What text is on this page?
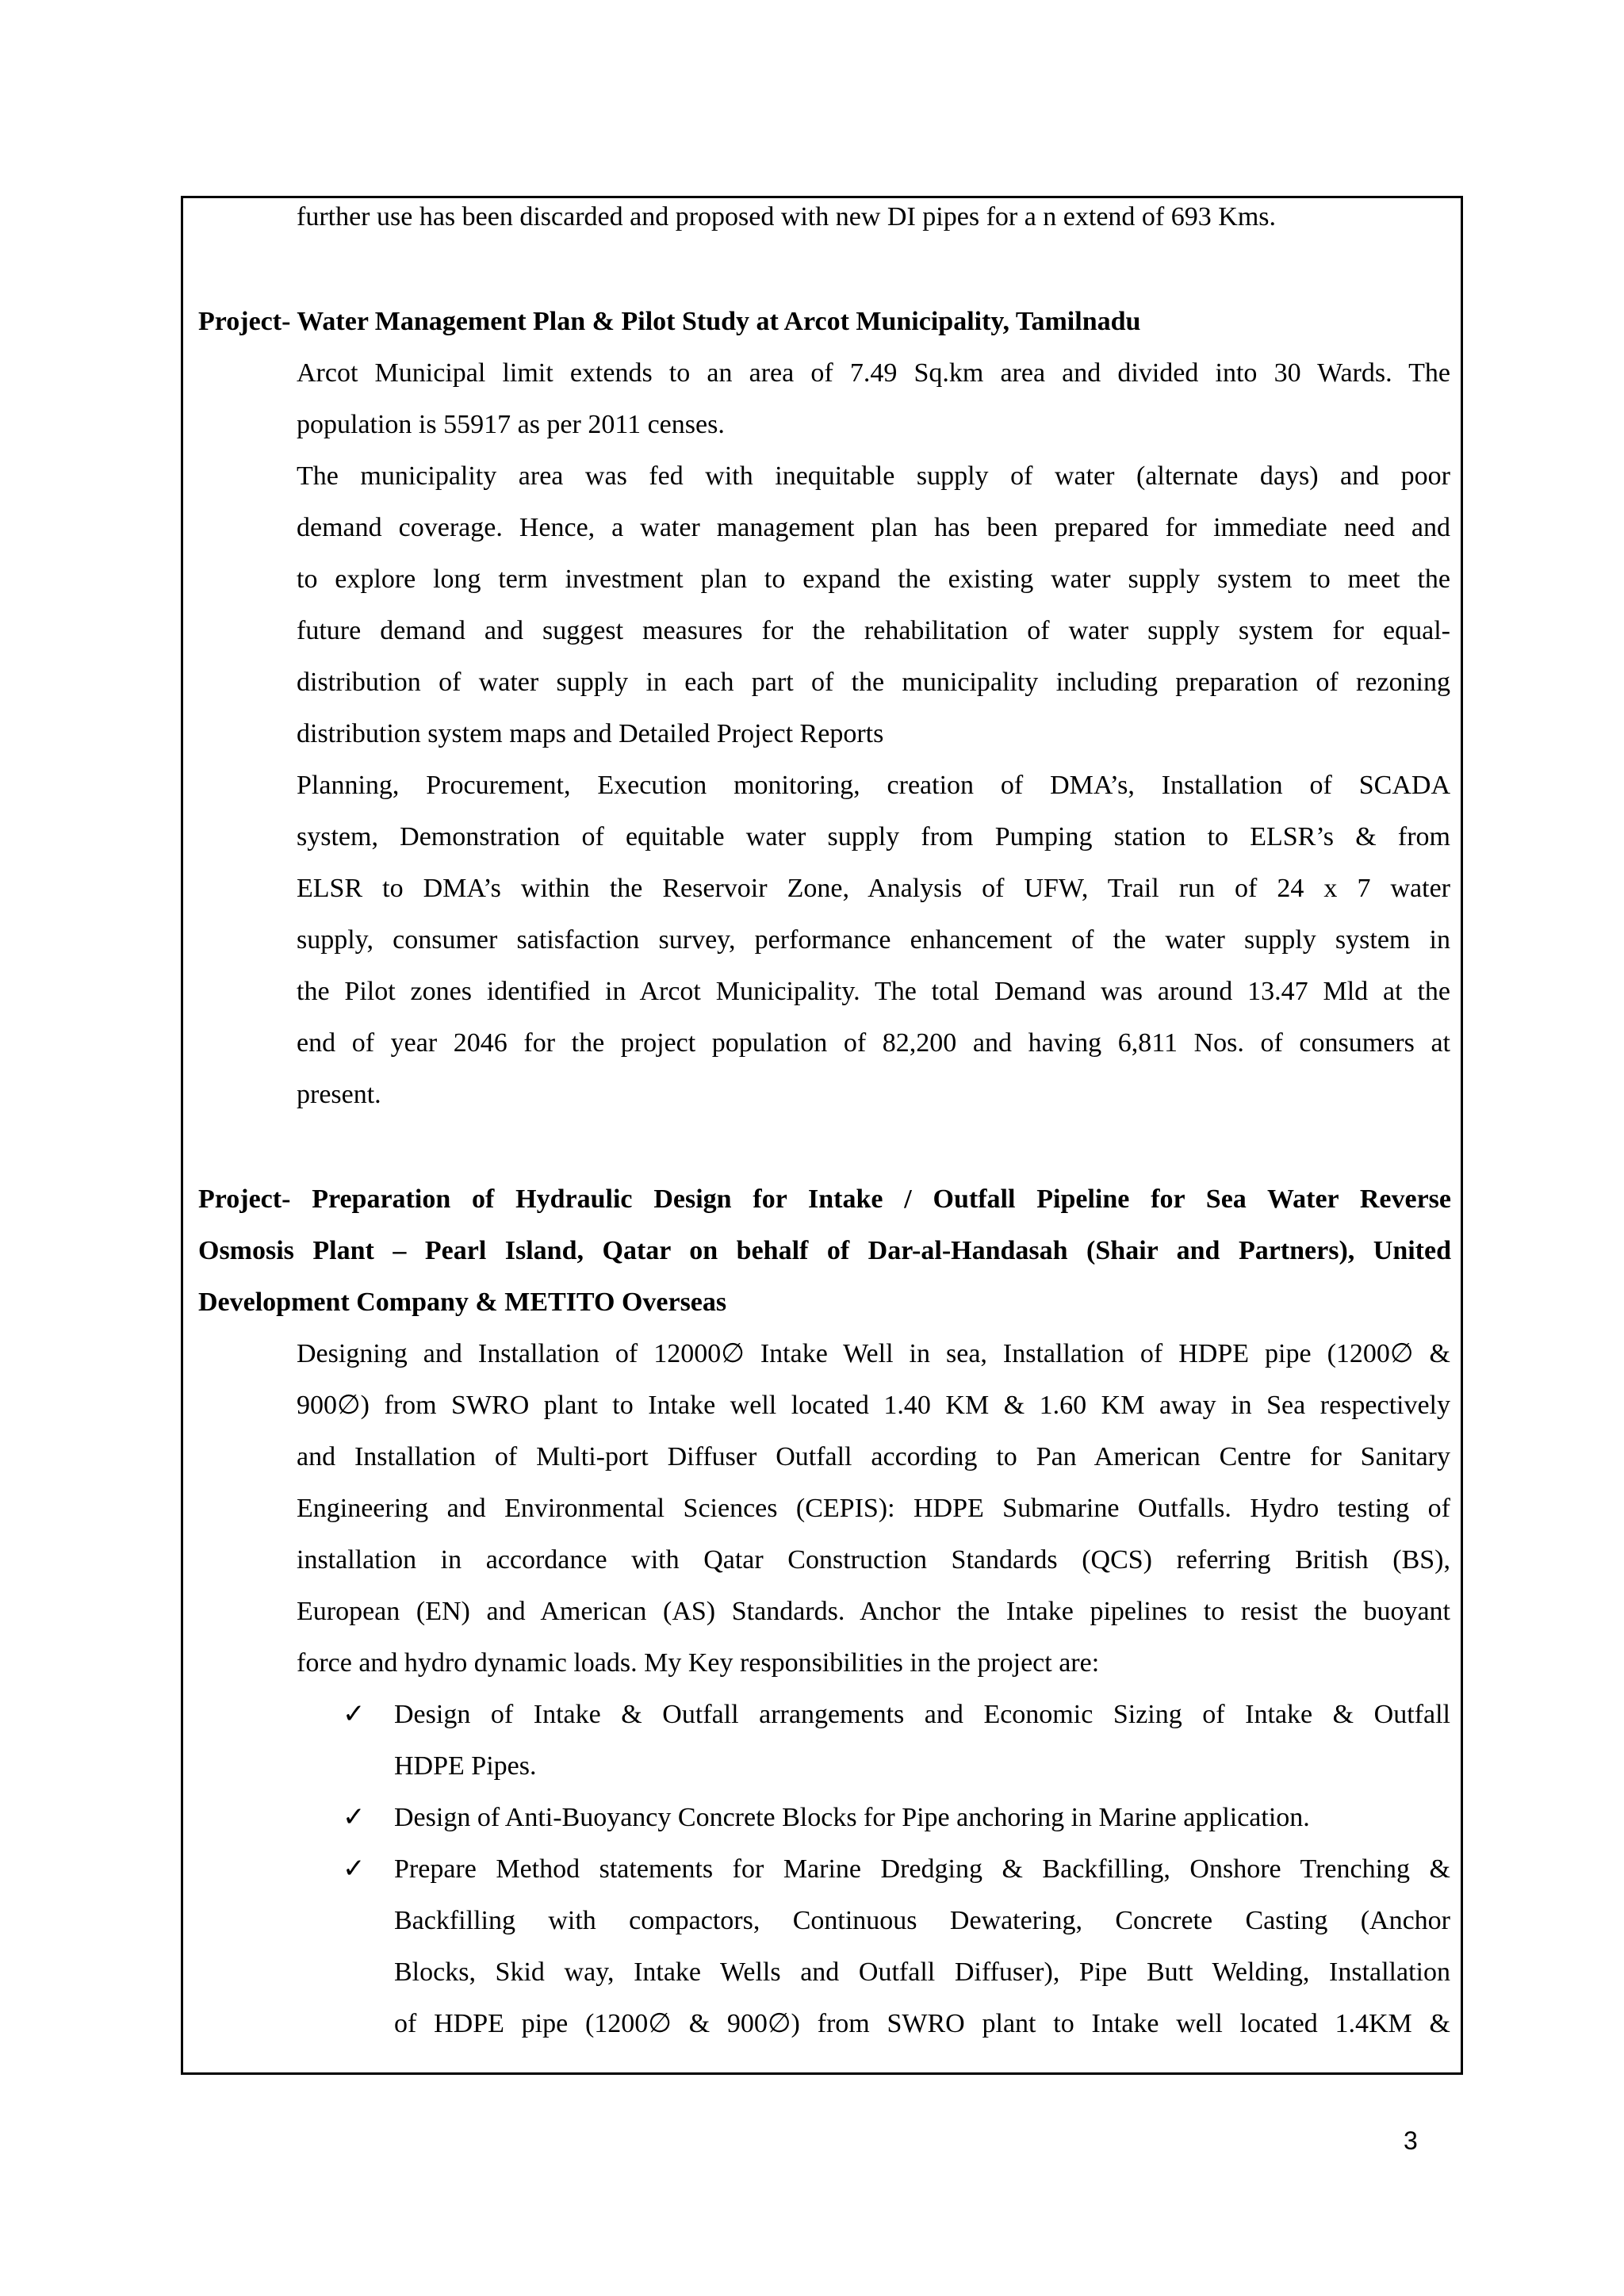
further use has been discarded and proposed with new DI pipes for a n extend of 693 Kms.

Project- Water Management Plan & Pilot Study at Arcot Municipality, Tamilnadu

Arcot Municipal limit extends to an area of 7.49 Sq.km area and divided into 30 Wards. The

population is 55917 as per 2011 censes.

The municipality area was fed with inequitable supply of water (alternate days) and poor

demand coverage. Hence, a water management plan has been prepared for immediate need and

to explore long term investment plan to expand the existing water supply system to meet the

future demand and suggest measures for the rehabilitation of water supply system for equal-

distribution of water supply in each part of the municipality including preparation of rezoning

distribution system maps and Detailed Project Reports

Planning, Procurement, Execution monitoring, creation of DMA’s, Installation of SCADA

system, Demonstration of equitable water supply from Pumping station to ELSR’s & from

ELSR to DMA’s within the Reservoir Zone, Analysis of UFW, Trail run of 24 x 7 water

supply, consumer satisfaction survey, performance enhancement of the water supply system in

the Pilot zones identified in Arcot Municipality. The total Demand was around 13.47 Mld at the

end of year 2046 for the project population of 82,200 and having 6,811 Nos. of consumers at

present.

Project- Preparation of Hydraulic Design for Intake / Outfall Pipeline for Sea Water Reverse

Osmosis Plant – Pearl Island, Qatar on behalf of Dar-al-Handasah (Shair and Partners), United

Development Company & METITO Overseas

Designing and Installation of 12000∅ Intake Well in sea, Installation of HDPE pipe (1200∅ &

900∅) from SWRO plant to Intake well located 1.40 KM & 1.60 KM away in Sea respectively

and Installation of Multi-port Diffuser Outfall according to Pan American Centre for Sanitary

Engineering and Environmental Sciences (CEPIS): HDPE Submarine Outfalls. Hydro testing of

installation in accordance with Qatar Construction Standards (QCS) referring British (BS),

European (EN) and American (AS) Standards. Anchor the Intake pipelines to resist the buoyant

force and hydro dynamic loads. My Key responsibilities in the project are:

✓ Design of Intake & Outfall arrangements and Economic Sizing of Intake & Outfall

HDPE Pipes.

✓ Design of Anti-Buoyancy Concrete Blocks for Pipe anchoring in Marine application.

✓ Prepare Method statements for Marine Dredging & Backfilling, Onshore Trenching &

Backfilling with compactors, Continuous Dewatering, Concrete Casting (Anchor

Blocks, Skid way, Intake Wells and Outfall Diffuser), Pipe Butt Welding, Installation

of HDPE pipe (1200∅ & 900∅) from SWRO plant to Intake well located 1.4KM &

3
